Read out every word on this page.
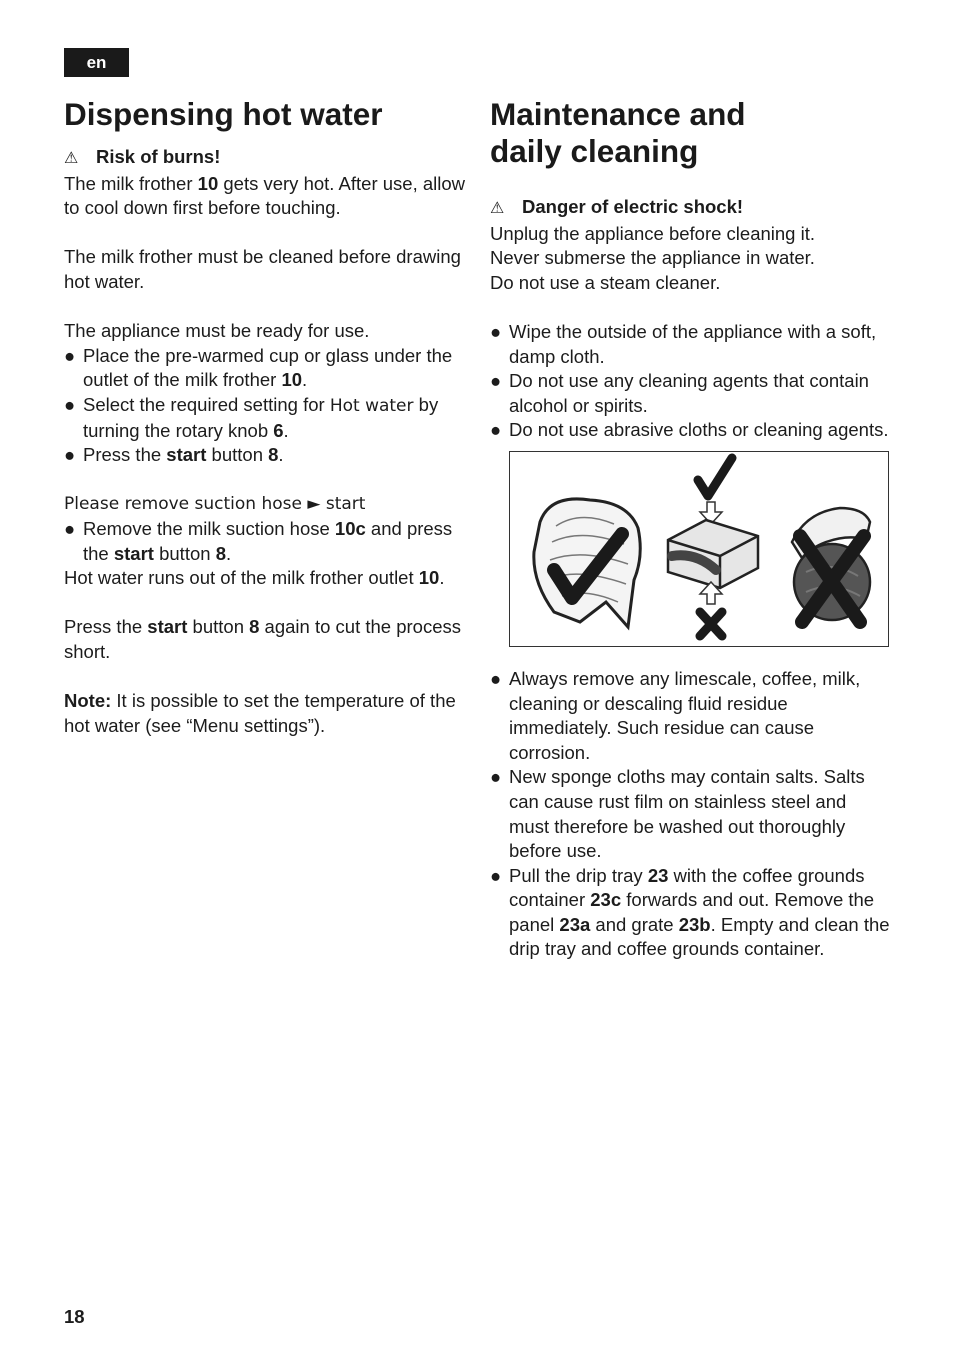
en
Dispensing hot water

⚠ Risk of burns!

The milk frother 10 gets very hot. After use, allow to cool down first before touching.

The milk frother must be cleaned before drawing hot water.

The appliance must be ready for use.

● Place the pre-warmed cup or glass under the outlet of the milk frother 10.
● Select the required setting for Hot water by turning the rotary knob 6.
● Press the start button 8.

Please remove suction hose ► start

● Remove the milk suction hose 10c and press the start button 8.

Hot water runs out of the milk frother outlet 10.

Press the start button 8 again to cut the process short.

Note: It is possible to set the temperature of the hot water (see “Menu settings”).

Maintenance and
daily cleaning

⚠ Danger of electric shock!

Unplug the appliance before cleaning it.

Never submerse the appliance in water.

Do not use a steam cleaner.

● Wipe the outside of the appliance with a soft, damp cloth.
● Do not use any cleaning agents that contain alcohol or spirits.
● Do not use abrasive cloths or cleaning agents.
● Always remove any limescale, coffee, milk, cleaning or descaling fluid residue immediately. Such residue can cause corrosion.
● New sponge cloths may contain salts. Salts can cause rust film on stainless steel and must therefore be washed out thoroughly before use.
● Pull the drip tray 23 with the coffee grounds container 23c forwards and out. Remove the panel 23a and grate 23b. Empty and clean the drip tray and coffee grounds container.
18
